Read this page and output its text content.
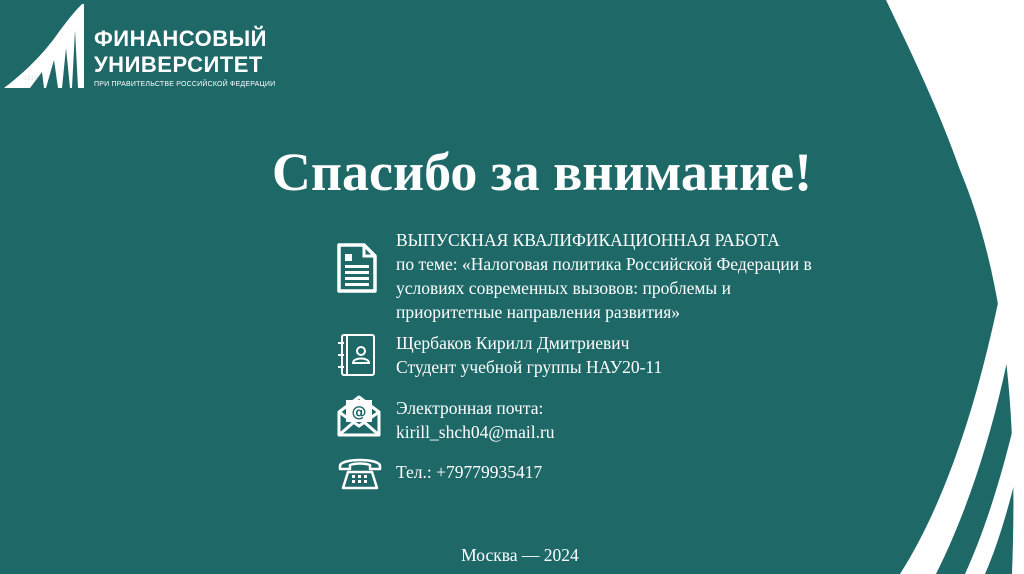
1919
ФИНАНСОВЫЙ
УНИВЕРСИТЕТ
ПРИ ПРАВИТЕЛЬСТВЕ РОССИЙСКОЙ ФЕДЕРАЦИИ
Спасибо за внимание!
ВЫПУСКНАЯ КВАЛИФИКАЦИОННАЯ РАБОТА
по теме: «Налоговая политика Российской Федерации в
условиях современных вызовов: проблемы и
приоритетные направления развития»
Щербаков Кирилл Дмитриевич
Студент учебной группы НАУ20-11
@ Электронная почта:
kirill_shch04@mail.ru
Тел.: +79779935417
Москва — 2024
